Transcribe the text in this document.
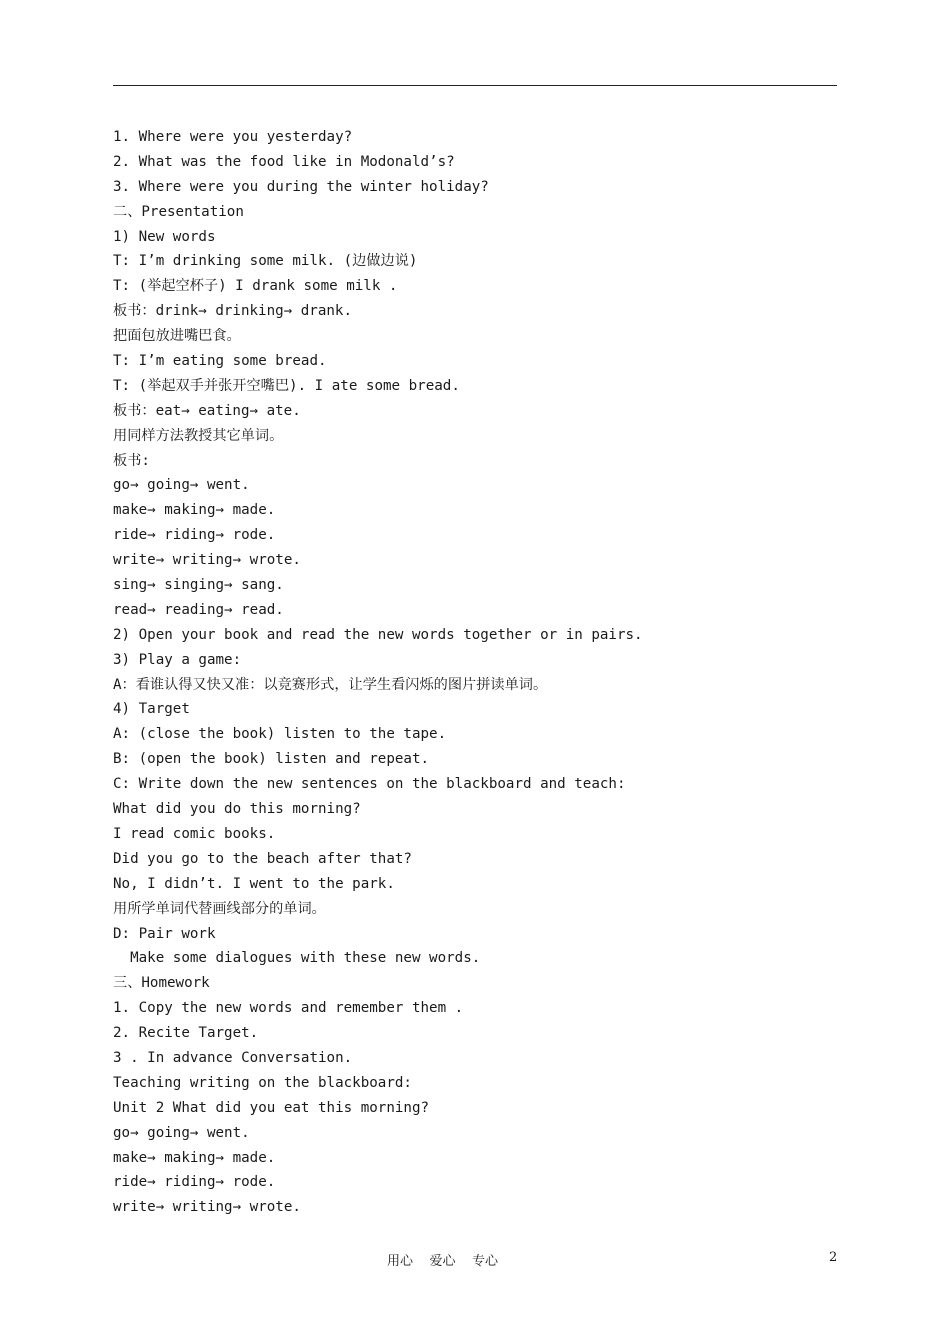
1. Where were you yesterday?
2. What was the food like in Modonald’s?
3. Where were you during the winter holiday?
二、Presentation
1) New words
T: I’m drinking some milk. (边做边说)
T: (举起空杯子) I drank some milk .
板书：drink→ drinking→ drank.
把面包放进嘴巴食。
T: I’m eating some bread.
T: (举起双手并张开空嘴巴). I ate some bread.
板书：eat→ eating→ ate.
用同样方法教授其它单词。
板书:
go→ going→ went.
make→ making→ made.
ride→ riding→ rode.
write→ writing→ wrote.
sing→ singing→ sang.
read→ reading→ read.
2) Open your book and read the new words together or in pairs.
3) Play a game:
A：看谁认得又快又准：以竞赛形式，让学生看闪烁的图片拼读单词。
4) Target
A: (close the book) listen to the tape.
B: (open the book) listen and repeat.
C: Write down the new sentences on the blackboard and teach:
What did you do this morning?
I read comic books.
Did you go to the beach after that?
No, I didn’t. I went to the park.
用所学单词代替画线部分的单词。
D: Pair work
Make some dialogues with these new words.
三、Homework
1. Copy the new words and remember them .
2. Recite Target.
3 . In advance Conversation.
Teaching writing on the blackboard:
Unit 2 What did you eat this morning?
go→ going→ went.
make→ making→ made.
ride→ riding→ rode.
write→ writing→ wrote.
用心    爱心    专心	2
